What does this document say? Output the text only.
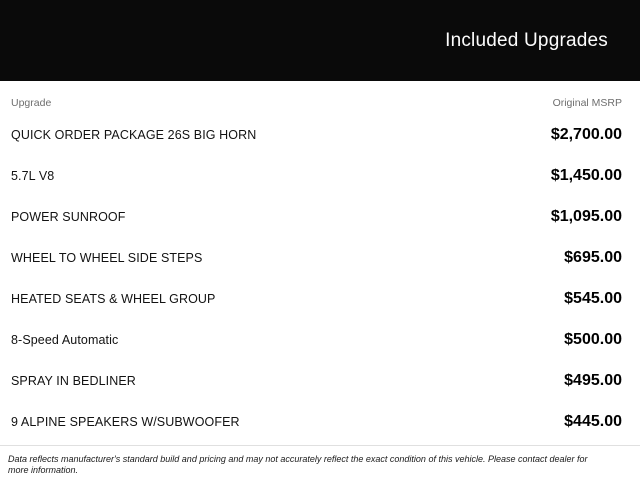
Included Upgrades
Upgrade	Original MSRP
QUICK ORDER PACKAGE 26S BIG HORN	$2,700.00
5.7L V8	$1,450.00
POWER SUNROOF	$1,095.00
WHEEL TO WHEEL SIDE STEPS	$695.00
HEATED SEATS & WHEEL GROUP	$545.00
8-Speed Automatic	$500.00
SPRAY IN BEDLINER	$495.00
9 ALPINE SPEAKERS W/SUBWOOFER	$445.00
Data reflects manufacturer's standard build and pricing and may not accurately reflect the exact condition of this vehicle. Please contact dealer for more information.
